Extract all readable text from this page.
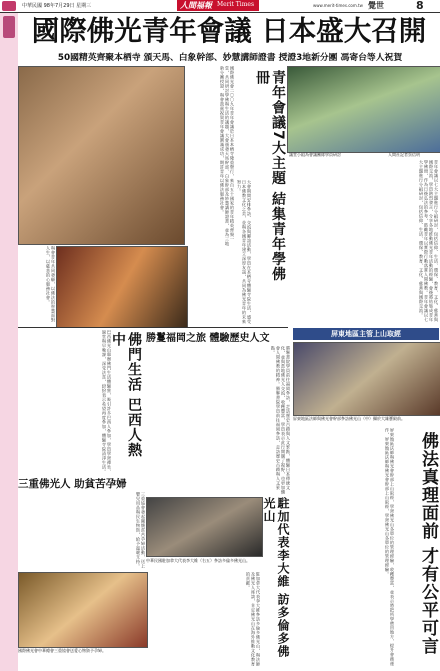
中華民國 98年7月29日 星期三	人間福報 Merit Times	www.merit-times.com.tw 覺世	8
國際佛光青年會議 日本盛大召開
50國精英齊聚本栖寺 頒天馬、白象幹部、妙慧講師證書 授證3地新分團 馮寄台等人祝賀
國際佛光會二〇〇九年青年會議於日本本栖寺隆重舉行，來自五十國家的青年精英齊聚一堂，共同研討學佛與生活的議題，大會頒發天馬幹部、白象幹部及妙慧講師證書，並為三地新分團授證，與會貴賓祝賀青年會議圓滿成功，期許青年以佛法服務社會。	青年會議7大主題 結集青年學佛冊
議堂小組為會議團隊學員研討	人間社記者蔡信明
青年會議以七大主題進行分組研討，包括信仰、生活、環保、教育、文化、慈善與國際交流，學員熱烈發言，分享各地推動佛光青年活動的經驗，會後將結集成青年學佛冊，作為日後弘法的參考，鼓勵青年以實際行動落實人間佛教。青年會議以七大主題進行分組研討，包括信仰、生活、環保、教育、文化、慈善與國際交流。
與會青年共同發願，以佛法的智慧面對人生，以慈悲的心服務社會。	大會期間安排參訪、交流與聯誼活動，學員在本栖寺體驗寺院生活，感受日本佛教文化之美，並與各國青年建立深厚友誼，共同為佛光青年的未來努力。
勝鬘福岡之旅 體驗歷史人文
佛門生活 巴西人熱中
巴西佛光山舉辦佛門生活體驗營，吸引許多巴西人參加，學員學習禪坐、過堂與早晚課，深受法喜，紛紛表示希望再度參加，體驗寺院清淨生活。	勝鬘書院學員前往福岡參訪，走訪歷史古蹟與人文景點，體驗日本傳統文化，並與當地佛光人交流，收穫豐富，學員表示此行開闊了視野，也更加體會人間佛教的精神。勝鬘書院學員前往福岡參訪，走訪歷史古蹟與人文景點。
三重佛光人 助貧苦孕婦
三重協會發起關懷貧苦孕婦活動，送上嬰兒用品與民生物資，給予溫暖支持。
國際佛光會中華總會三重協會送愛心物資予孕婦。
中華民國駐加拿大代表李大維（右五）參訪多倫多佛光山。	駐加代表李大維 訪多倫多佛光山
駐加拿大代表李大維參訪多倫多佛光山，與法師及佛光人座談，肯定佛光山在海外推動文化教育的貢獻。
屏東地區主管上山取經
屏東地區法師與佛光會幹部參訪佛光山（中）攝於大雄寶殿前。
屏東地區法師與佛光會幹部上山取經，學習佛光山各單位的管理經驗，收穫豐富，並表示將把所學帶回地方，提升會務運作，屏東地區法師與佛光會幹部上山取經，學習佛光山各單位的管理經驗。	佛法真理面前 才有公平可言
